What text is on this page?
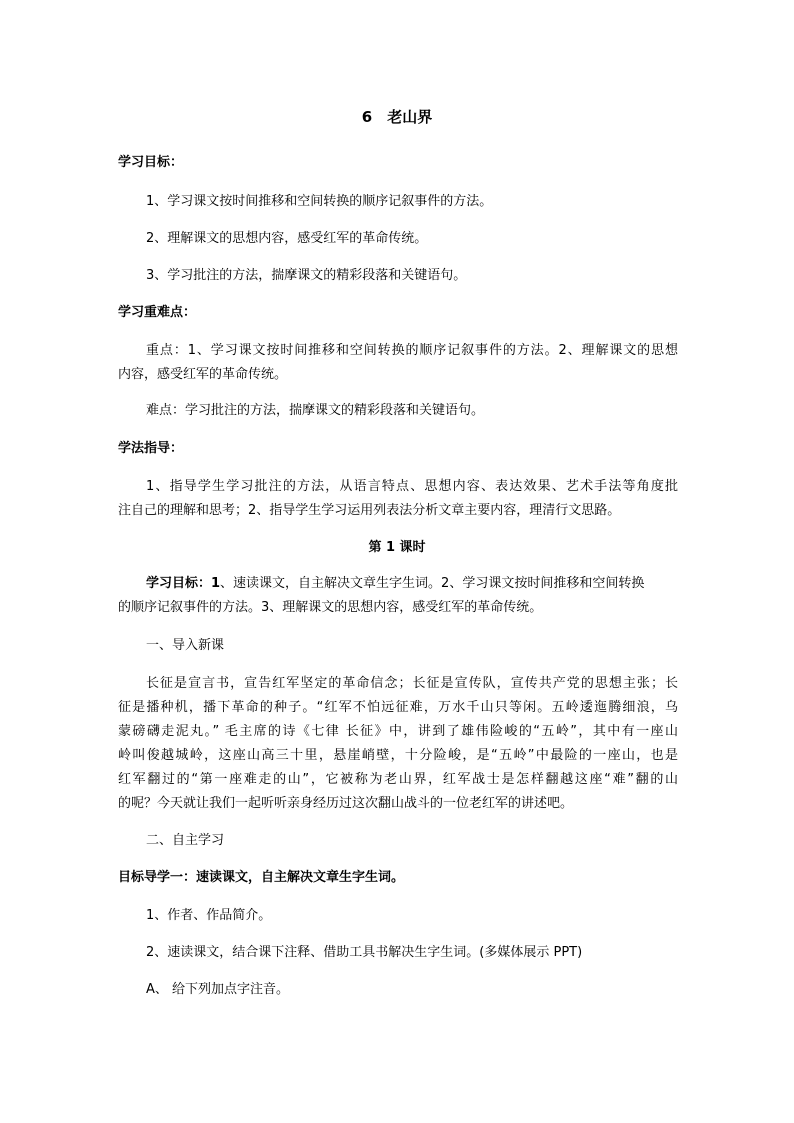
6　老山界
学习目标：
1、学习课文按时间推移和空间转换的顺序记叙事件的方法。
2、理解课文的思想内容，感受红军的革命传统。
3、学习批注的方法，揣摩课文的精彩段落和关键语句。
学习重难点：
重点：1、学习课文按时间推移和空间转换的顺序记叙事件的方法。2、理解课文的思想
内容，感受红军的革命传统。
难点：学习批注的方法，揣摩课文的精彩段落和关键语句。
学法指导：
1、指导学生学习批注的方法，从语言特点、思想内容、表达效果、艺术手法等角度批
注自己的理解和思考；2、指导学生学习运用列表法分析文章主要内容，理清行文思路。
第 1 课时
学习目标：1、速读课文，自主解决文章生字生词。2、学习课文按时间推移和空间转换
的顺序记叙事件的方法。3、理解课文的思想内容，感受红军的革命传统。
一、导入新课
长征是宣言书，宣告红军坚定的革命信念；长征是宣传队，宣传共产党的思想主张；长
征是播种机，播下革命的种子。“红军不怕远征难，万水千山只等闲。五岭逶迤腾细浪，乌
蒙磅礴走泥丸。” 毛主席的诗《七律 长征》中，讲到了雄伟险峻的“五岭”，其中有一座山
岭叫俊越城岭，这座山高三十里，悬崖峭壁，十分险峻，是“五岭”中最险的一座山，也是
红军翻过的“第一座难走的山”，它被称为老山界，红军战士是怎样翻越这座“难”翻的山
的呢？今天就让我们一起听听亲身经历过这次翻山战斗的一位老红军的讲述吧。
二、自主学习
目标导学一：速读课文，自主解决文章生字生词。
1、作者、作品简介。
2、速读课文，结合课下注释、借助工具书解决生字生词。(多媒体展示 PPT)
A、 给下列加点字注音。
